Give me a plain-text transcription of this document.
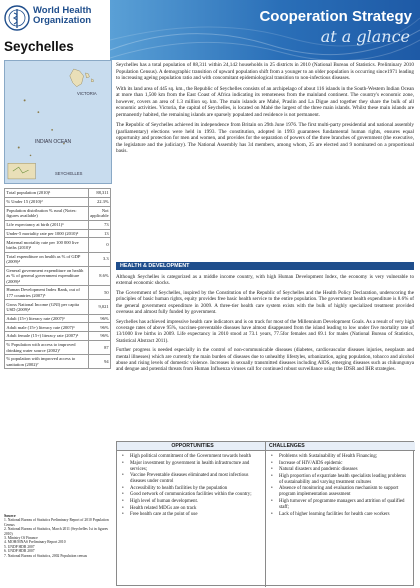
World Health Organization
Seychelles
Cooperation Strategy
at a glance
VICTORIA
INDIAN OCEAN
SEYCHELLES

Seychelles has a total population of 88,311 within 24,142 households in 25 districts in 2010 (National Bureau of Statistics. Preliminary 2010 Population Census). A demographic transition of upward population shift from a younger to an older population is occurring since1971 leading to increasing ageing population ratio and with concomitant epidemiological transition to non-infectious diseases.

With its land area of 445 sq. km., the Republic of Seychelles consists of an archipelago of about 116 islands in the South-Western Indian Ocean at more than 1,500 km from the East Coast of Africa indicating its remoteness from the mainland continent. The country's economic zone, however, covers an area of 1.3 million sq. km. The main islands are Mahé, Praslin and La Digue and together they share the bulk of all economic activities. Victoria, the capital of Seychelles, is located on Mahé the largest of the three main islands. Whilst these main islands are permanently habited, the remaining islands are sparsely populated and residence is not permanent.

The Republic of Seychelles achieved its independence from Britain on 29th June 1976. The first multi-party presidential and national assembly (parliamentary) elections were held in 1993. The constitution, adopted in 1993 guarantees fundamental human rights, ensures equal opportunity and protection for men and women, and provides for the separation of powers of the three branches of government (the executive, the legislature and the judiciary). The National Assembly has 34 members, among whom, 25 are elected and 9 nominated on a proportional basis.

Total population (2010)¹	88,311
% Under 15 (2010)²	22.3%
Population distribution % rural (Notes: figures available)	Not applicable
Life expectancy at birth (2011)⁶	73
Under-5 mortality rate per 1000 (2010)³	13
Maternal mortality rate per 100 000 live births (2010)³	0
Total expenditure on health as % of GDP (2009)⁴	3.3
General government expenditure on health as % of general government expenditure (2009)⁴	8.6%
Human Development Index Rank, out of 177 countries (2007)⁵	50
Gross National Income (GNI) per capita USD (2009)⁴	9,021
Adult (15+) literacy rate (2007)⁶	96%
Adult male (15+) literacy rate (2007)⁶	96%
Adult female (15+) literacy rate (2007)⁶	96%
% Population with access to improved drinking water source (2002)⁷	87
% population with improved access to sanitation (2002)⁷	94
Source
1. National Bureau of Statistics Preliminary Report of 2010 Population Census
2. National Bureau of Statistics, March 2011 (Seychelles 1st in figures 2010)
3. Ministry Of Finance
4. MOH/MNAS Preliminary Report 2010
5. UNDP HDR 2007
6. UNDP HDR 2007
7. National Bureau of Statistics, 2002 Population census
HEALTH & DEVELOPMENT

Although Seychelles is categorized as a middle income country, with high Human Development Index, the economy is very vulnerable to external economic shocks.

The Government of Seychelles, inspired by the Constitution of the Republic of Seychelles and the Health Policy Declaration, underscoring the principles of basic human rights, equity provides free basic health service to the entire population. The government health expenditure is 8.6% of the general government expenditure in 2009. A three-tier health care system exists with the bulk of highly specialized treatment provided overseas and almost fully funded by government.

Seychelles has achieved impressive health care indicators and is on track for most of the Millennium Development Goals. As a result of very high coverage rates of above 95%, vaccines-preventable diseases have almost disappeared from the island leading to low under five mortality rate of 13/1000 live births in 2009. Life expectancy in 2010 stood at 73.1 years, 77.5for females and 69.1 for males (National Bureau of Statistics, Statistical Abstract 2011).

Further progress is needed especially in the control of non-communicable diseases (diabetes, cardiovascular diseases injuries, neoplasm and mental illnesses) which are currently the main burden of diseases due to unhealthy lifestyles, urbanization, aging population, tobacco and alcohol abuse and rising levels of domestic violence. Increases in sexually transmitted diseases including AIDS, emerging diseases such as chikungunya and dengue and potential threats from Human Influenza viruses call for continued robust surveillance using the IDSR and IHR strategies.

OPPORTUNITIES
• High political commitment of the Government towards health
• Major investment by government in health infrastructure and services;
• Vaccine Preventable diseases eliminated and most infectious diseases under control
• Accessibility to health facilities by the population
• Good network of communication facilities within the country;
• High level of human development.
• Health related MDGs are on track
• Free health care at the point of use
CHALLENGES
• Problems with Sustainability of Health Financing;
• Increase of HIV/AIDS epidemic
• Natural disasters and pandemic diseases
• High proportion of expatriate health specialists leading problems of sustainability and varying treatment cultures
• Absence of monitoring and evaluation mechanism to support program implementation assessment
• High turnover of programme managers and attrition of qualified staff;
• Lack of higher learning facilities for health care workers
